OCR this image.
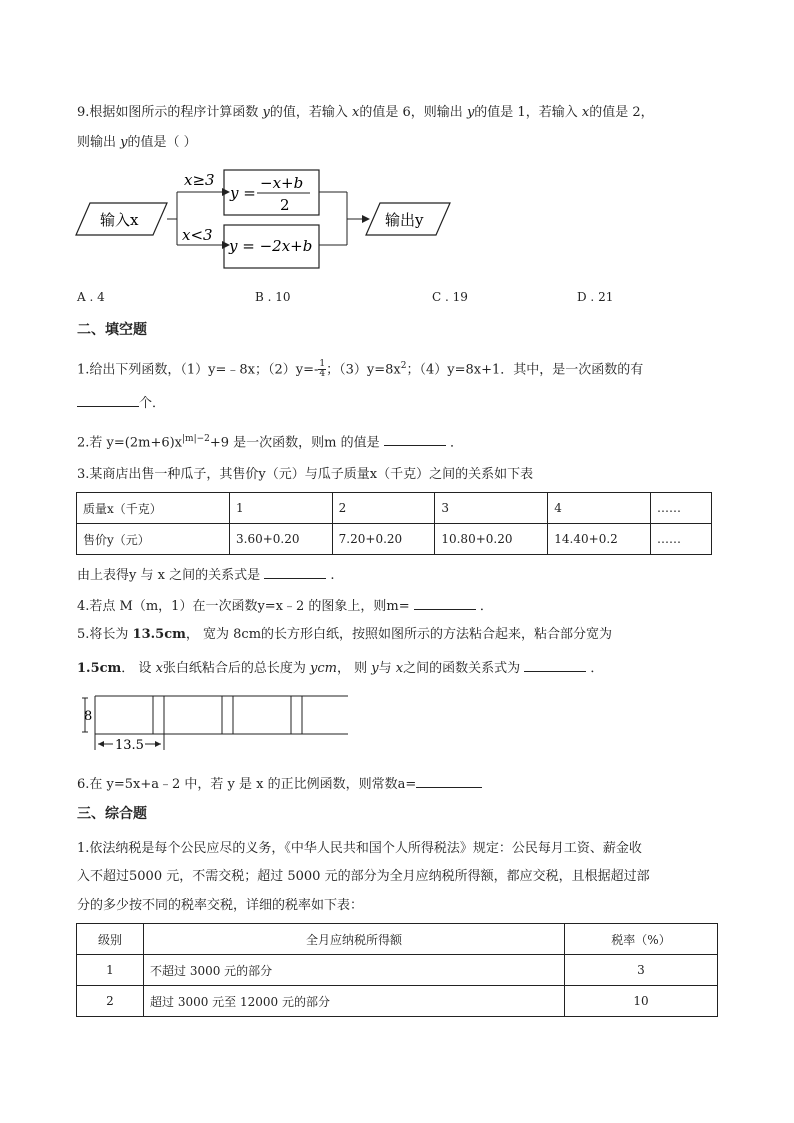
9.根据如图所示的程序计算函数 y的值，若输入 x的值是 6，则输出 y的值是 1，若输入 x的值是 2，
则输出 y的值是（ ）
输入x
x≥3
x<3
y =
−x+b
2
y = −2x+b
输出y
A . 4	B . 10	C . 19	D . 21
二、填空题
1.给出下列函数，（1）y=﹣8x；$(2)y=- \frac{1}{4}$ ；$(3)y=8x^2$；（4）y=8x+1．其中，是一次函数的有
个．
2.若 $y=(2m+6)x^{|m|-2}+9$ 是一次函数，则m 的值是	．
3.某商店出售一种瓜子，其售价y（元）与瓜子质量x（千克）之间的关系如下表
质量x（千克）	1	2	3	4	……
售价y（元）	3.60+0.20	7.20+0.20	10.80+0.20	14.40+0.2	……
由上表得y 与 x 之间的关系式是	.
4.若点 M（m，1）在一次函数y=x﹣2 的图象上，则m=	．
5.将长为 13.5cm， 宽为 8cm的长方形白纸，按照如图所示的方法粘合起来，粘合部分宽为
1.5cm． 设 x张白纸粘合后的总长度为 ycm， 则 y与 x之间的函数关系式为	．
8
13.5
6.在 y=5x+a﹣2 中，若 y 是 x 的正比例函数，则常数a=
三、综合题
1.依法纳税是每个公民应尽的义务，《中华人民共和国个人所得税法》规定：公民每月工资、薪金收
入不超过5000 元，不需交税；超过 5000 元的部分为全月应纳税所得额，都应交税，且根据超过部
分的多少按不同的税率交税，详细的税率如下表：
级别	全月应纳税所得额	税率（%）
1	不超过 3000 元的部分	3
2	超过 3000 元至 12000 元的部分	10
